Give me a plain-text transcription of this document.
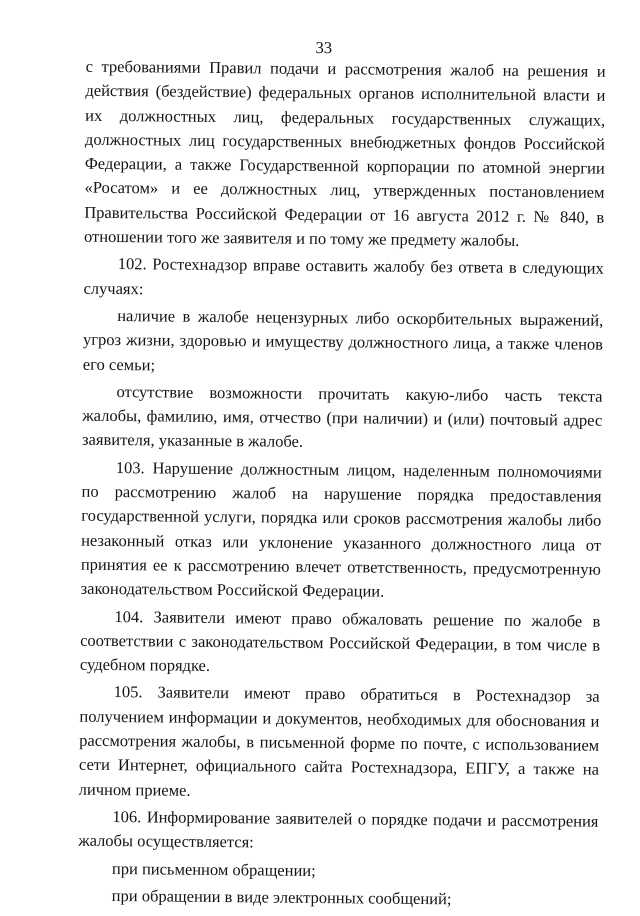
33

с требованиями Правил подачи и рассмотрения жалоб на решения и действия (бездействие) федеральных органов исполнительной власти и их должностных лиц, федеральных государственных служащих, должностных лиц государственных внебюджетных фондов Российской Федерации, а также Государственной корпорации по атомной энергии «Росатом» и ее должностных лиц, утвержденных постановлением Правительства Российской Федерации от 16 августа 2012 г. № 840, в отношении того же заявителя и по тому же предмету жалобы.

102. Ростехнадзор вправе оставить жалобу без ответа в следующих случаях:

наличие в жалобе нецензурных либо оскорбительных выражений, угроз жизни, здоровью и имуществу должностного лица, а также членов его семьи;

отсутствие возможности прочитать какую-либо часть текста жалобы, фамилию, имя, отчество (при наличии) и (или) почтовый адрес заявителя, указанные в жалобе.

103. Нарушение должностным лицом, наделенным полномочиями по рассмотрению жалоб на нарушение порядка предоставления государственной услуги, порядка или сроков рассмотрения жалобы либо незаконный отказ или уклонение указанного должностного лица от принятия ее к рассмотрению влечет ответственность, предусмотренную законодательством Российской Федерации.

104. Заявители имеют право обжаловать решение по жалобе в соответствии с законодательством Российской Федерации, в том числе в судебном порядке.

105. Заявители имеют право обратиться в Ростехнадзор за получением информации и документов, необходимых для обоснования и рассмотрения жалобы, в письменной форме по почте, с использованием сети Интернет, официального сайта Ростехнадзора, ЕПГУ, а также на личном приеме.

106. Информирование заявителей о порядке подачи и рассмотрения жалобы осуществляется:

при письменном обращении;

при обращении в виде электронных сообщений;
